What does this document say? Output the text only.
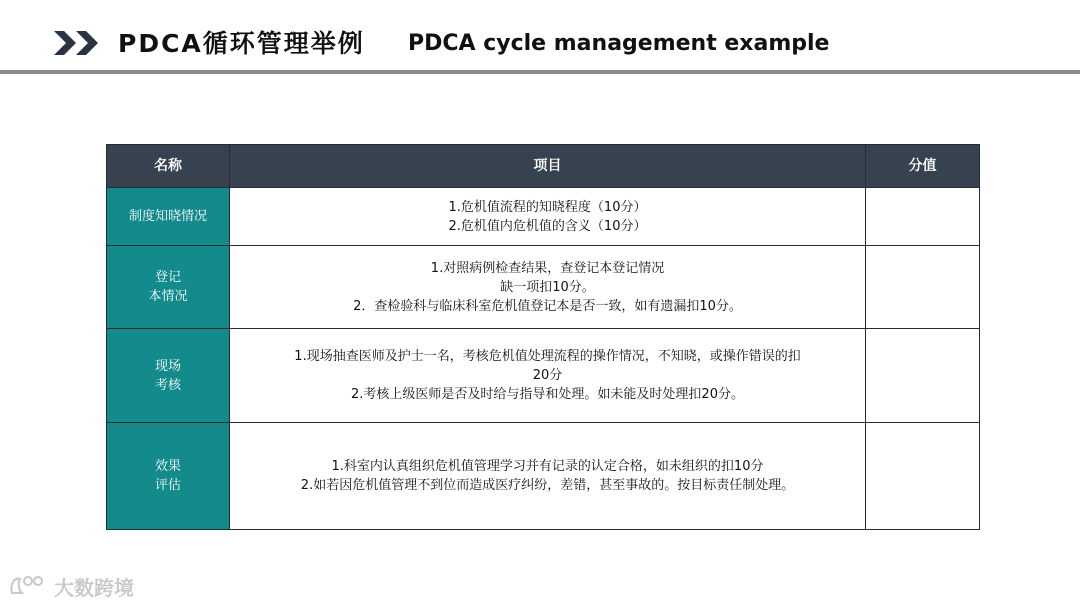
PDCA循环管理举例 PDCA cycle management example
名称	项目	分值

制度知晓情况	1.危机值流程的知晓程度（10分）
2.危机值内危机值的含义（10分）	

登记
本情况	1.对照病例检查结果，查登记本登记情况
缺一项扣10分。
2．查检验科与临床科室危机值登记本是否一致，如有遗漏扣10分。	

现场
考核	1.现场抽查医师及护士一名，考核危机值处理流程的操作情况，不知晓，或操作错误的扣
20分
2.考核上级医师是否及时给与指导和处理。如未能及时处理扣20分。	

效果
评估	1.科室内认真组织危机值管理学习并有记录的认定合格，如未组织的扣10分
2.如若因危机值管理不到位而造成医疗纠纷，差错，甚至事故的。按目标责任制处理。	

大数跨境
